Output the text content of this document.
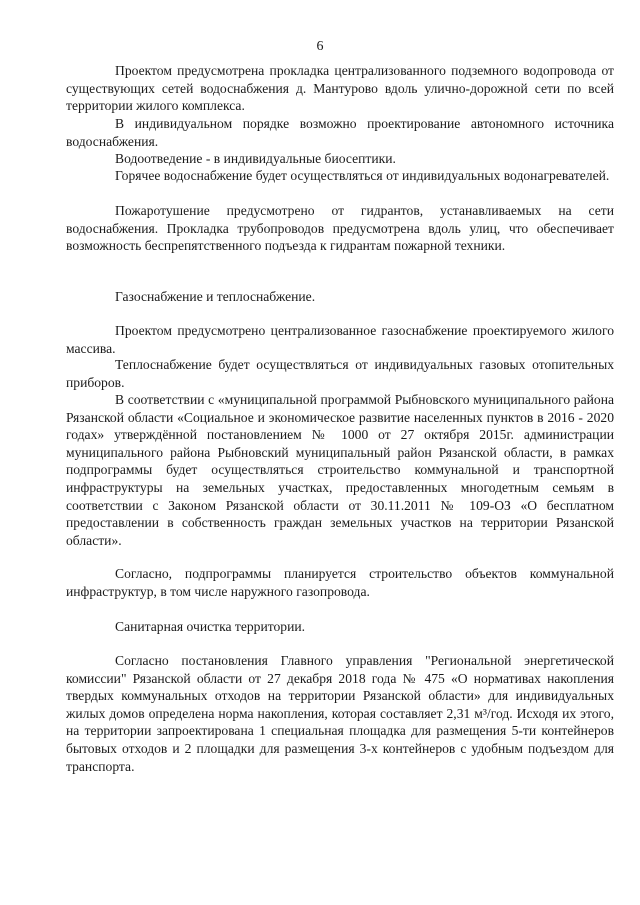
6

Проектом предусмотрена прокладка централизованного подземного водопровода от существующих сетей водоснабжения д. Мантурово вдоль улично-дорожной сети по всей территории жилого комплекса.

В индивидуальном порядке возможно проектирование автономного источника водоснабжения.

Водоотведение - в индивидуальные биосептики.

Горячее водоснабжение будет осуществляться от индивидуальных водонагревателей.

Пожаротушение предусмотрено от гидрантов, устанавливаемых на сети водоснабжения. Прокладка трубопроводов предусмотрена вдоль улиц, что обеспечивает возможность беспрепятственного подъезда к гидрантам пожарной техники.

Газоснабжение и теплоснабжение.

Проектом предусмотрено централизованное газоснабжение проектируемого жилого массива.

Теплоснабжение будет осуществляться от индивидуальных газовых отопительных приборов.

В соответствии с «муниципальной программой Рыбновского муниципального района Рязанской области «Социальное и экономическое развитие населенных пунктов в 2016 - 2020 годах» утверждённой постановлением № 1000 от 27 октября 2015г. администрации муниципального района Рыбновский муниципальный район Рязанской области, в рамках подпрограммы будет осуществляться строительство коммунальной и транспортной инфраструктуры на земельных участках, предоставленных многодетным семьям в соответствии с Законом Рязанской области от 30.11.2011 № 109-ОЗ «О бесплатном предоставлении в собственность граждан земельных участков на территории Рязанской области».

Согласно, подпрограммы планируется строительство объектов коммунальной инфраструктур, в том числе наружного газопровода.

Санитарная очистка территории.

Согласно постановления Главного управления "Региональной энергетической комиссии" Рязанской области от 27 декабря 2018 года № 475 «О нормативах накопления твердых коммунальных отходов на территории Рязанской области» для индивидуальных жилых домов определена норма накопления, которая составляет 2,31 м³/год. Исходя их этого, на территории запроектирована 1 специальная площадка для размещения 5-ти контейнеров бытовых отходов и 2 площадки для размещения 3-х контейнеров с удобным подъездом для транспорта.
